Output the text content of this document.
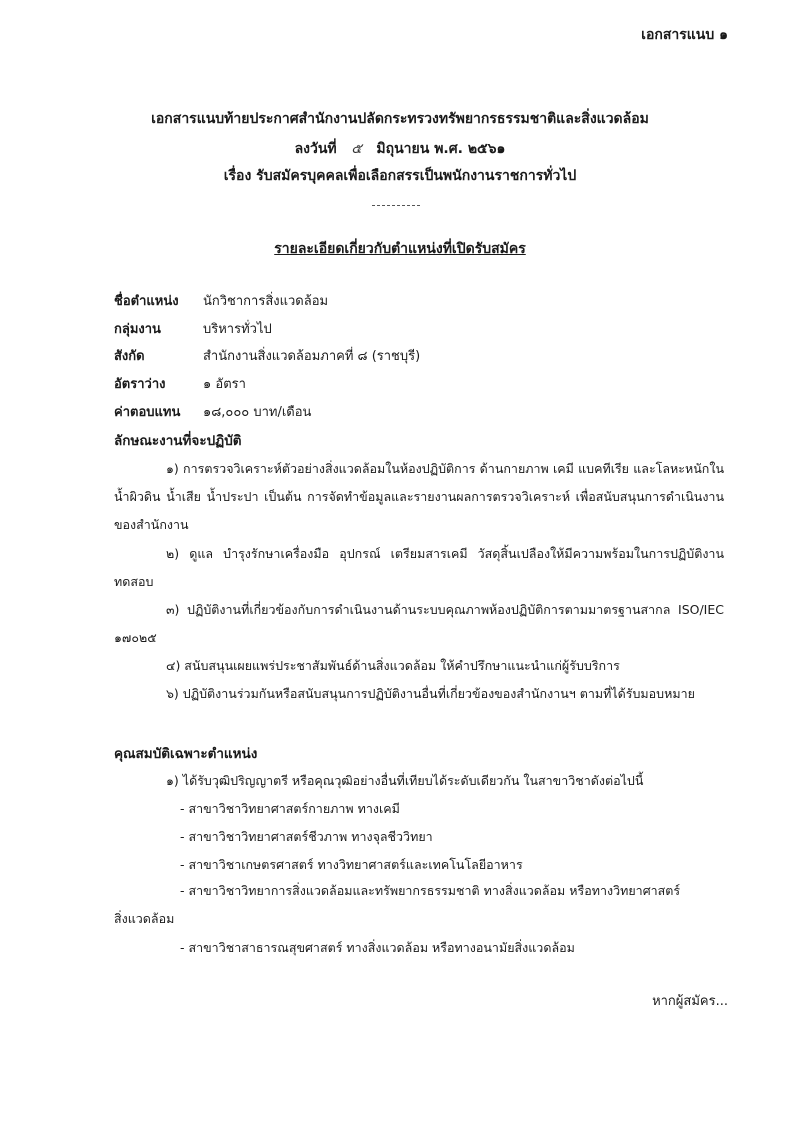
เอกสารแนบ ๑
เอกสารแนบท้ายประกาศสำนักงานปลัดกระทรวงทรัพยากรธรรมชาติและสิ่งแวดล้อม
ลงวันที่ ๕ มิถุนายน พ.ศ. ๒๕๖๑
เรื่อง รับสมัครบุคคลเพื่อเลือกสรรเป็นพนักงานราชการทั่วไป
รายละเอียดเกี่ยวกับตำแหน่งที่เปิดรับสมัคร
ชื่อตำแหน่ง นักวิชาการสิ่งแวดล้อม
กลุ่มงาน	บริหารทั่วไป
สังกัด	สำนักงานสิ่งแวดล้อมภาคที่ ๘ (ราชบุรี)
อัตราว่าง	๑ อัตรา
ค่าตอบแทน ๑๘,๐๐๐ บาท/เดือน
ลักษณะงานที่จะปฏิบัติ
๑) การตรวจวิเคราะห์ตัวอย่างสิ่งแวดล้อมในห้องปฏิบัติการ ด้านกายภาพ เคมี แบคทีเรีย และโลหะหนักในน้ำผิวดิน น้ำเสีย น้ำประปา เป็นต้น การจัดทำข้อมูลและรายงานผลการตรวจวิเคราะห์ เพื่อสนับสนุนการดำเนินงานของสำนักงาน
๒) ดูแล บำรุงรักษาเครื่องมือ อุปกรณ์ เตรียมสารเคมี วัสดุสิ้นเปลืองให้มีความพร้อมในการปฏิบัติงานทดสอบ
๓) ปฏิบัติงานที่เกี่ยวข้องกับการดำเนินงานด้านระบบคุณภาพห้องปฏิบัติการตามมาตรฐานสากล ISO/IEC ๑๗๐๒๕
๔) สนับสนุนเผยแพร่ประชาสัมพันธ์ด้านสิ่งแวดล้อม ให้คำปรึกษาแนะนำแก่ผู้รับบริการ
๖) ปฏิบัติงานร่วมกันหรือสนับสนุนการปฏิบัติงานอื่นที่เกี่ยวข้องของสำนักงานฯ ตามที่ได้รับมอบหมาย
คุณสมบัติเฉพาะตำแหน่ง
๑) ได้รับวุฒิปริญญาตรี หรือคุณวุฒิอย่างอื่นที่เทียบได้ระดับเดียวกัน ในสาขาวิชาดังต่อไปนี้
- สาขาวิชาวิทยาศาสตร์กายภาพ ทางเคมี
- สาขาวิชาวิทยาศาสตร์ชีวภาพ ทางจุลชีววิทยา
- สาขาวิชาเกษตรศาสตร์ ทางวิทยาศาสตร์และเทคโนโลยีอาหาร
- สาขาวิชาวิทยาการสิ่งแวดล้อมและทรัพยากรธรรมชาติ ทางสิ่งแวดล้อม หรือทางวิทยาศาสตร์
สิ่งแวดล้อม
- สาขาวิชาสาธารณสุขศาสตร์ ทางสิ่งแวดล้อม หรือทางอนามัยสิ่งแวดล้อม
หากผู้สมัคร...
